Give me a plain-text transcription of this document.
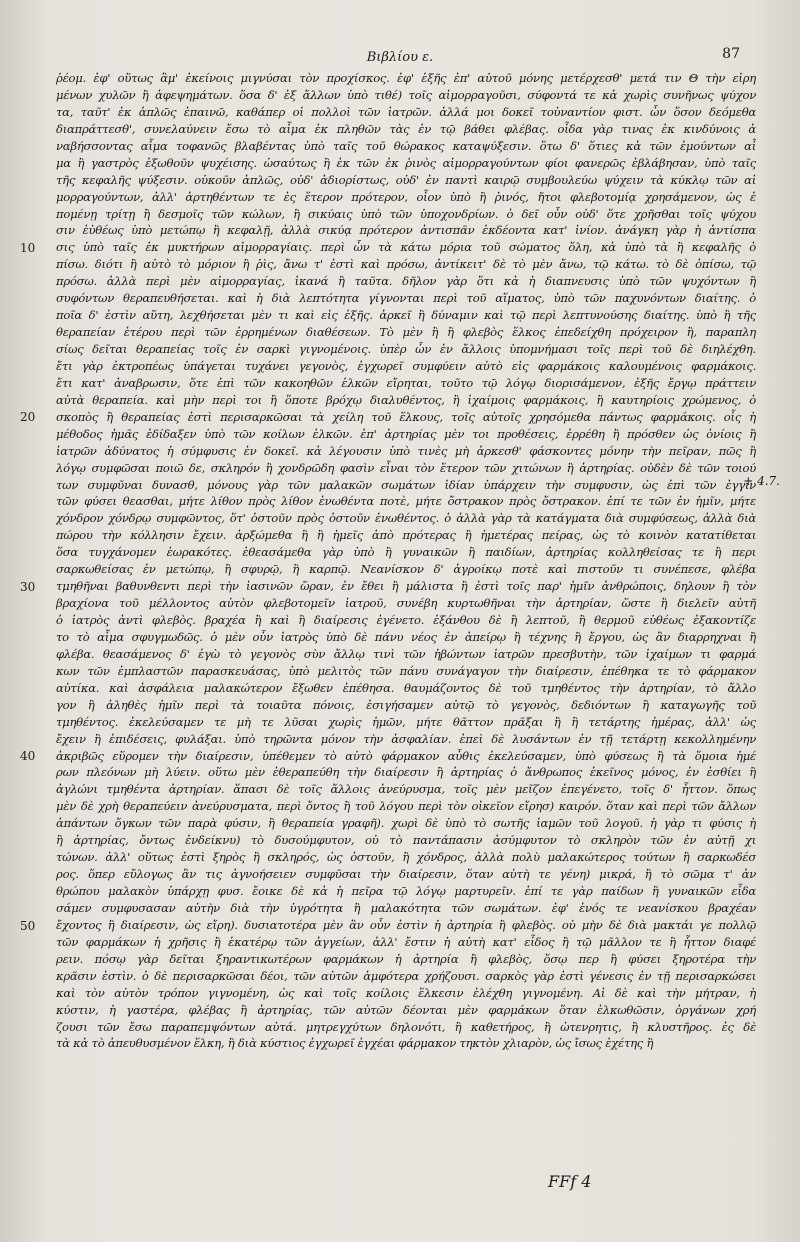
Βιβλίου ε.	87
10
20
30
40
50
+ 4.7.
ῥέομ. ἐφ' οὕτως ἂμ' ἐκείνοις μιγνύσαι τὸν προχίσκος. ἐφ' ἑξῆς ἐπ' αὐτοῦ μόνης μετέρχεσθ' μετά τιν Θ τὴν εἰρη
μένων χυλῶν ἢ ἀφεψημάτων. ὅσα δ' ἐξ ἄλλων ὑπὸ τιθέ) τοῖς αἱμορραγοῦσι, σύφοντά τε κἀ χωρὶς συνῆνως ψύχον
τα, ταῦτ' ἐκ ἁπλῶς ἐπαινῶ, καθάπερ οἱ πολλοὶ τῶν ἰατρῶν. ἀλλά μοι δοκεῖ τοὐναντίον φιστ. ὧν ὅσον δεόμεθα
διαπράττεσθ', συνελαύνειν ἔσω τὸ αἷμα ἐκ πληθῶν τὰς ἐν τῷ βάθει φλέβας. οἶδα γὰρ τινας ἐκ κινδύνοις ἀ
ναβήσσοντας αἷμα τοφανῶς βλαβέντας ὑπὸ ταῖς τοῦ θώρακος καταψύξεσιν. ὅτω δ' ὅτιες κἀ τῶν ἐμούντων αἷ
μα ἢ γαστρὸς ἐξωθοῦν ψυχέισης. ὡσαύτως ἢ ἐκ τῶν ἐκ ῥινὸς αἱμορραγούντων φίοι φανερῶς ἐβλάβησαν, ὑπὸ ταῖς
τῆς κεφαλῆς ψύξεσιν. οὐκοῦν ἁπλῶς, οὐδ' ἀδιορίστως, οὐδ' ἐν παντὶ καιρῷ συμβουλεύω ψύχειν τὰ κύκλῳ τῶν αἱ
μορραγούντων, ἀλλ' ἀρτηθέντων τε ἐς ἕτερον πρότερον, οἷον ὑπὸ ἢ ῥινός, ἤτοι φλεβοτομίᾳ χρησάμενον, ὡς ἐ
πομένῃ τρίτῃ ἢ δεσμοῖς τῶν κώλων, ἢ σικύαις ὑπὸ τῶν ὑποχονδρίων. ὁ δεῖ οὖν οὐδ' ὅτε χρῆσθαι τοῖς ψύχου
σιν ἐὐθέως ὑπὸ μετώπῳ ἢ κεφαλῇ, ἀλλὰ σικύᾳ πρότερον ἀντισπᾶν ἐκδέοντα κατ' ἰνίον. ἀνάγκη γὰρ ἡ ἀντίσπα
σις ὑπὸ ταῖς ἐκ μυκτήρων αἱμορραγίαις. περὶ ὧν τὰ κάτω μόρια τοῦ σώματος ὅλη, κἀ ὑπὸ τὰ ἢ κεφαλῆς ὀ
πίσω. διότι ἢ αὐτὸ τὸ μόριον ἢ ῥὶς, ἄνω τ' ἐστὶ καὶ πρόσω, ἀντίκειτ' δὲ τὸ μὲν ἄνω, τῷ κάτω. τὸ δὲ ὀπίσω, τῷ
πρόσω. ἀλλὰ περὶ μὲν αἱμορραγίας, ἱκανά ἢ ταῦτα. δῆλον γὰρ ὅτι κἀ ἡ διαπνευσις ὑπὸ τῶν ψυχόντων ἢ
συφόντων θεραπευθήσεται. καὶ ἡ διὰ λεπτότητα γίγνονται περὶ τοῦ αἵματος, ὑπὸ τῶν παχυνόντων διαίτης. ὁ
ποῖα δ' ἐστὶν αὕτη, λεχθήσεται μὲν τι καὶ εἰς ἐξῆς. ἀρκεῖ ἢ δύναμιν καὶ τῷ περὶ λεπτυνούσης διαίτης. ὑπὸ ἢ τῆς
θεραπείαν ἑτέρου περὶ τῶν ἐρρημένων διαθέσεων. Τὸ μὲν ἢ ἢ φλεβὸς ἕλκος ἐπεδείχθη πρόχειρον ἢ, παραπλη
σίως δεῖται θεραπείας τοῖς ἐν σαρκὶ γιγνομένοις. ὑπὲρ ὧν ἐν ἄλλοις ὑπομνήμασι τοῖς περὶ τοῦ δὲ διηλέχθη.
ἔτι γὰρ ἐκτροπέως ὑπάγεται τυχάνει γεγονὸς, ἐγχωρεῖ συμφύειν αὐτὸ εἰς φαρμάκοις καλουμένοις φαρμάκοις.
ἔτι κατ' ἀναβρωσιν, ὅτε ἐπὶ τῶν κακοηθῶν ἑλκῶν εἴρηται, τοῦτο τῷ λόγῳ διορισάμενον, ἐξῆς ἔργῳ πράττειν
αὐτὰ θεραπεία. καὶ μὴν περὶ τοι ἢ ὅποτε βρόχῳ διαλυθέντος, ἢ ἰχαίμοις φαρμάκοις, ἢ καυτηρίοις χρώμενος, ὁ
σκοπὸς ἢ θεραπείας ἐστὶ περισαρκῶσαι τὰ χείλη τοῦ ἕλκους, τοῖς αὐτοῖς χρησόμεθα πάντως φαρμάκοις. οἷς ἡ
μέθοδος ἡμᾶς ἐδίδαξεν ὑπὸ τῶν κοίλων ἑλκῶν. ἐπ' ἀρτηρίας μὲν τοι προθέσεις, ἐρρέθη ἢ πρόσθεν ὡς ὀνίοις ἢ
ἰατρῶν ἀδύνατος ἡ σύμφυσις ἐν δοκεῖ. κἀ λέγουσιν ὑπὸ τινὲς μὴ ἀρκεσθ' φάσκοντες μόνην τὴν πεῖραν, πῶς ἢ
λόγῳ συμφῶσαι ποιῶ δε, σκληρόν ἢ χονδρῶδη φασὶν εἶναι τὸν ἕτερον τῶν χιτώνων ἢ ἀρτηρίας. οὐδὲν δὲ τῶν τοιού
των συμφῦναι δυνασθ, μόνους γὰρ τῶν μαλακῶν σωμάτων ἰδίαν ὑπάρχειν τὴν συμφυσιν, ὡς ἐπὶ τῶν ἐγγιν
τῶν φύσει θεασθαι, μήτε λίθον πρὸς λίθον ἐνωθέντα ποτὲ, μήτε ὄστρακον πρὸς ὄστρακον. ἐπί τε τῶν ἐν ἡμῖν, μήτε
χόνδρον χόνδρῳ συμφῶντος, ὅτ' ὀστοῦν πρὸς ὀστοῦν ἑνωθέντος. ὁ ἀλλὰ γὰρ τὰ κατάγματα διὰ συμφύσεως, ἀλλὰ διὰ
πώρου τὴν κόλλησιν ἔχειν. ἀρξώμεθα ἢ ἢ ἡμεῖς ἀπὸ πρότερας ἢ ἡμετέρας πείρας, ὡς τὸ κοινὸν κατατίθεται
ὅσα τυγχάνομεν ἑωρακότες. ἐθεασάμεθα γὰρ ὑπὸ ἢ γυναικῶν ἢ παιδίων, ἀρτηρίας κολληθείσας τε ἢ περι
σαρκωθείσας ἐν μετώπῳ, ἢ σφυρῷ, ἢ καρπῷ. Νεανίσκον δ' ἀγροίκῳ ποτὲ καὶ πιστοῦν τι συνέπεσε, φλέβα
τμηθῆναι βαθυνθεντι περὶ τὴν ἰασινῶν ὥραν, ἐν ἔθει ἢ μάλιστα ἢ ἐστὶ τοῖς παρ' ἡμῖν ἀνθρώποις, δηλουν ἢ τὸν
βραχίονα τοῦ μέλλοντος αὐτὸν φλεβοτομεῖν ἰατροῦ, συνέβη κυρτωθῆναι τὴν ἀρτηρίαν, ὥστε ἢ διελεῖν αὐτῆ
ὁ ἰατρὸς ἀντὶ φλεβὸς. βραχέα ἢ καὶ ἢ διαίρεσις ἐγένετο. ἐξάνθου δὲ ἢ λεπτοῦ, ἢ θερμοῦ εὐθέως ἐξακοντίζε
το τὸ αἷμα σφυγμωδῶς. ὁ μὲν οὖν ἰατρὸς ὑπὸ δὲ πάνυ νέος ἐν ἀπείρῳ ἢ τέχνης ἢ ἔργου, ὡς ἂν διαρρηχναι ἢ
φλέβα. θεασάμενος δ' ἐγὼ τὸ γεγονὸς σὺν ἄλλῳ τινὶ τῶν ἡβώντων ἰατρῶν πρεσβυτὴν, τῶν ἰχαίμων τι φαρμά
κων τῶν ἐμπλαστῶν παρασκευάσας, ὑπὸ μελιτὸς τῶν πάνυ συνάγαγον τὴν διαίρεσιν, ἐπέθηκα τε τὸ φάρμακον
αὐτίκα. καὶ ἀσφάλεια μαλακώτερον ἔξωθεν ἐπέθησα. θαυμάζοντος δὲ τοῦ τμηθέντος τὴν ἀρτηρίαν, τὸ ἄλλο
γον ἢ ἀληθὲς ἡμῖν περὶ τὰ τοιαῦτα πόνοις, ἐσιγήσαμεν αὐτῷ τὸ γεγονὸς, δεδιόντων ἢ καταγωγῆς τοῦ
τμηθέντος. ἐκελεύσαμεν τε μὴ τε λῦσαι χωρὶς ἡμῶν, μήτε θᾶττον πρᾶξαι ἢ ἢ τετάρτης ἡμέρας, ἀλλ' ὡς
ἔχειν ἢ ἐπιδέσεις, φυλάξαι. ὑπὸ τηρῶντα μόνον τὴν ἀσφαλίαν. ἐπεὶ δὲ λυσάντων ἐν τῇ τετάρτῃ κεκολλημένην
ἀκριβῶς εὕρομεν τὴν διαίρεσιν, ὑπέθεμεν τὸ αὐτὸ φάρμακον αὖθις ἐκελεύσαμεν, ὑπὸ φύσεως ἢ τὰ ὅμοια ἡμέ
ρων πλεόνων μὴ λύειν. οὕτω μὲν ἐθεραπεύθη τὴν διαίρεσιν ἢ ἀρτηρίας ὁ ἄνθρωπος ἐκεῖνος μόνος, ἐν ἐσθίει ἢ
ἀγλώνι τμηθέντα ἀρτηρίαν. ἅπασι δὲ τοῖς ἄλλοις ἀνεύρυσμα, τοῖς μὲν μεῖζον ἐπεγένετο, τοῖς δ' ἧττον. ὅπως
μὲν δὲ χρὴ θεραπεύειν ἀνεύρυσματα, περὶ ὄντος ἢ τοῦ λόγου περὶ τὸν οἰκεῖον εἴρησ) καιρόν. ὅταν καὶ περὶ τῶν ἄλλων
ἁπάντων ὄγκων τῶν παρὰ φύσιν, ἢ θεραπεία γραφῆ). χωρὶ δὲ ὑπὸ τὸ σωτῆς ἰαμῶν τοῦ λογοῦ. ἡ γὰρ τι φύσις ἡ
ἢ ἀρτηρίας, ὄντως ἐνδείκνυ) τὸ δυσούμφυτον, οὐ τὸ παντάπασιν ἀσύμφυτον τὸ σκληρὸν τῶν ἐν αὐτῇ χι
τώνων. ἀλλ' οὕτως ἐστὶ ξηρὸς ἢ σκληρός, ὡς ὀστοῦν, ἢ χόνδρος, ἀλλὰ πολὺ μαλακώτερος τούτων ἢ σαρκωδέσ
ρος. ὅπερ εὔλογως ἂν τις ἀγνοήσειεν συμφῦσαι τὴν διαίρεσιν, ὅταν αὐτὴ τε γένη) μικρά, ἢ τὸ σῶμα τ' ἀν
θρώπου μαλακὸν ὑπάρχῃ φυσ. ἔοικε δὲ κἀ ἡ πεῖρα τῷ λόγῳ μαρτυρεῖν. ἐπί τε γὰρ παίδων ἢ γυναικῶν εἶδα
σάμεν συμφυσασαν αὐτὴν διὰ τὴν ὑγρότητα ἢ μαλακότητα τῶν σωμάτων. ἐφ' ἑνός τε νεανίσκου βραχέαν
ἔχοντος ἢ διαίρεσιν, ὡς εἴρη). δυσιατοτέρα μὲν ἂν οὖν ἐστὶν ἡ ἀρτηρία ἢ φλεβὸς. οὐ μὴν δὲ διὰ μακτάι γε πολλῷ
τῶν φαρμάκων ἡ χρῆσις ἢ ἑκατέρῳ τῶν ἀγγείων, ἀλλ' ἔστιν ἡ αὐτὴ κατ' εἶδος ἢ τῷ μᾶλλον τε ἢ ἧττον διαφέ
ρειν. πόσῳ γὰρ δεῖται ξηραντικωτέρων φαρμάκων ἡ ἀρτηρία ἢ φλεβὸς, ὅσῳ περ ἢ φύσει ξηροτέρα τὴν
κρᾶσιν ἐστὶν. ὁ δὲ περισαρκῶσαι δέοι, τῶν αὐτῶν ἀμφότερα χρήζουσι. σαρκὸς γὰρ ἐστὶ γένεσις ἐν τῇ περισαρκώσει
καὶ τὸν αὐτὸν τρόπον γιγνομένη, ὡς καὶ τοῖς κοίλοις ἕλκεσιν ἐλέχθη γιγνομένη. Αἱ δὲ καὶ τὴν μήτραν, ἡ
κύστιν, ἡ γαστέρα, φλέβας ἢ ἀρτηρίας, τῶν αὐτῶν δέονται μὲν φαρμάκων ὅταν ἑλκωθῶσιν, ὀργάνων χρή
ζουσι τῶν ἔσω παραπεμψόντων αὐτά. μητρεγχύτων δηλονότι, ἢ καθετήρος, ἢ ὠτενρητις, ἢ κλυστῆρος. ἐς δὲ
τὰ κἀ τὸ ἀπευθυσμένον ἕλκη, ἢ διὰ κύστιος ἐγχωρεῖ ἐγχέαι φάρμακον τηκτὸν χλιαρὸν, ὡς ἴσως ἐχέτης ἢ
FFf 4
